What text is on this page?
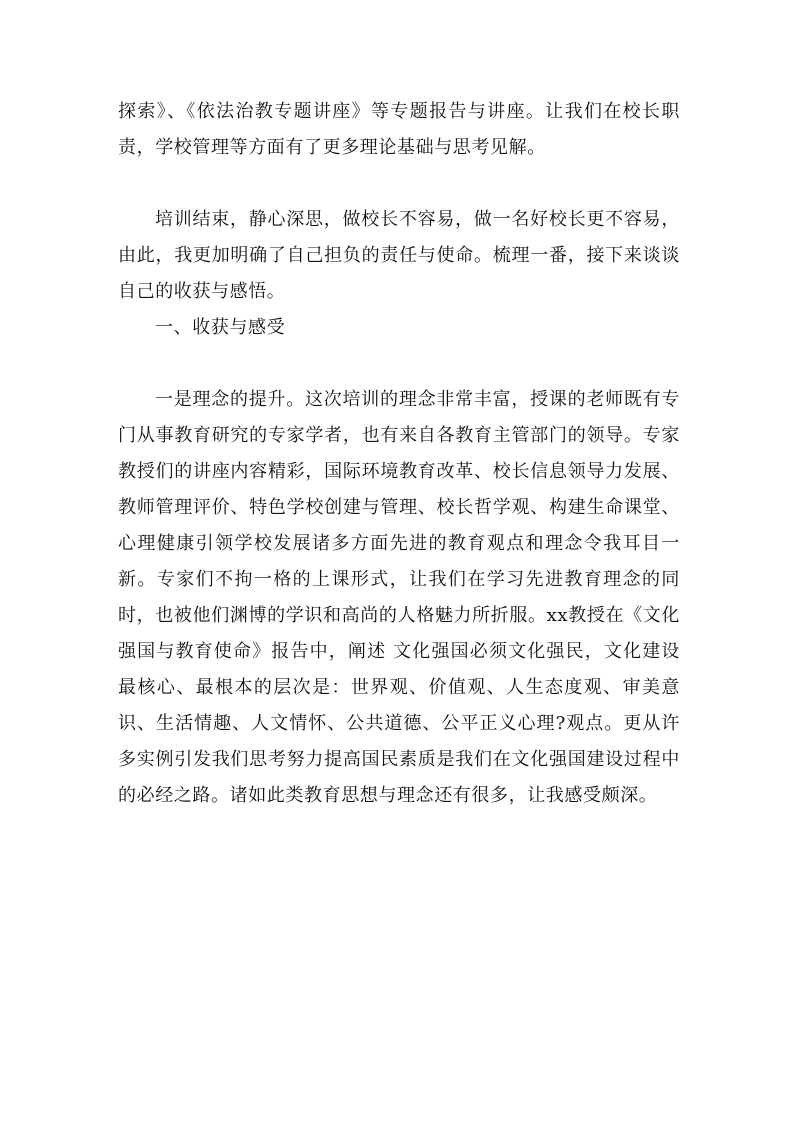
探索》、《依法治教专题讲座》等专题报告与讲座。让我们在校长职责，学校管理等方面有了更多理论基础与思考见解。

培训结束，静心深思，做校长不容易，做一名好校长更不容易，由此，我更加明确了自己担负的责任与使命。梳理一番，接下来谈谈自己的收获与感悟。

一、收获与感受

一是理念的提升。这次培训的理念非常丰富，授课的老师既有专门从事教育研究的专家学者，也有来自各教育主管部门的领导。专家教授们的讲座内容精彩，国际环境教育改革、校长信息领导力发展、教师管理评价、特色学校创建与管理、校长哲学观、构建生命课堂、心理健康引领学校发展诸多方面先进的教育观点和理念令我耳目一新。专家们不拘一格的上课形式，让我们在学习先进教育理念的同时，也被他们渊博的学识和高尚的人格魅力所折服。xx教授在《文化强国与教育使命》报告中，阐述 文化强国必须文化强民，文化建设最核心、最根本的层次是：世界观、价值观、人生态度观、审美意识、生活情趣、人文情怀、公共道德、公平正义心理?观点。更从许多实例引发我们思考努力提高国民素质是我们在文化强国建设过程中的必经之路。诸如此类教育思想与理念还有很多，让我感受颇深。
